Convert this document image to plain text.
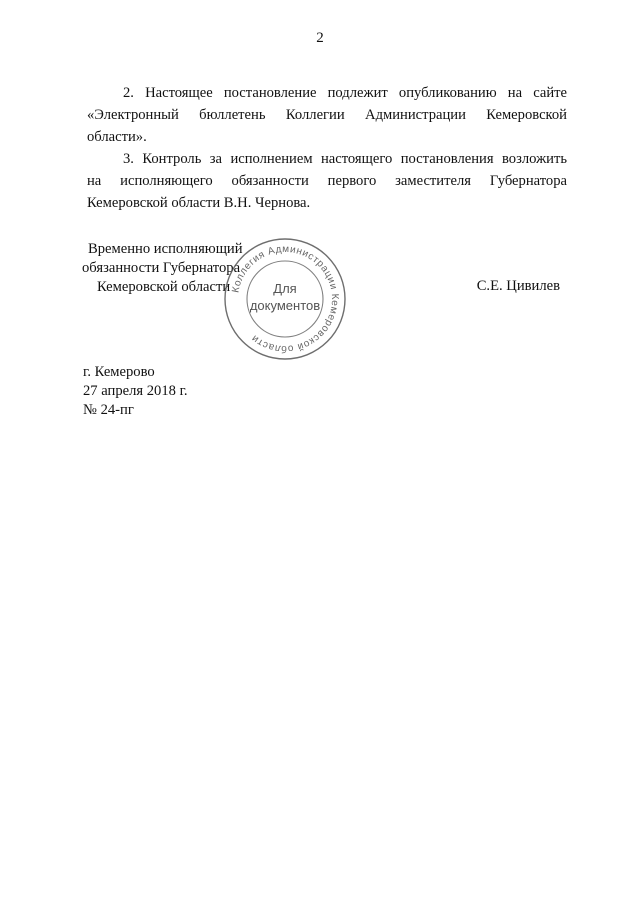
2

2. Настоящее постановление подлежит опубликованию на сайте
«Электронный бюллетень Коллегии Администрации Кемеровской
области».

3. Контроль за исполнением настоящего постановления возложить
на исполняющего обязанности первого заместителя Губернатора
Кемеровской области В.Н. Чернова.

Временно исполняющий
обязанности Губернатора
Кемеровской области Коллегия Администрации Кемеровской области
Для
документов
С.Е. Цивилев
г. Кемерово
27 апреля 2018 г.
№ 24-пг
